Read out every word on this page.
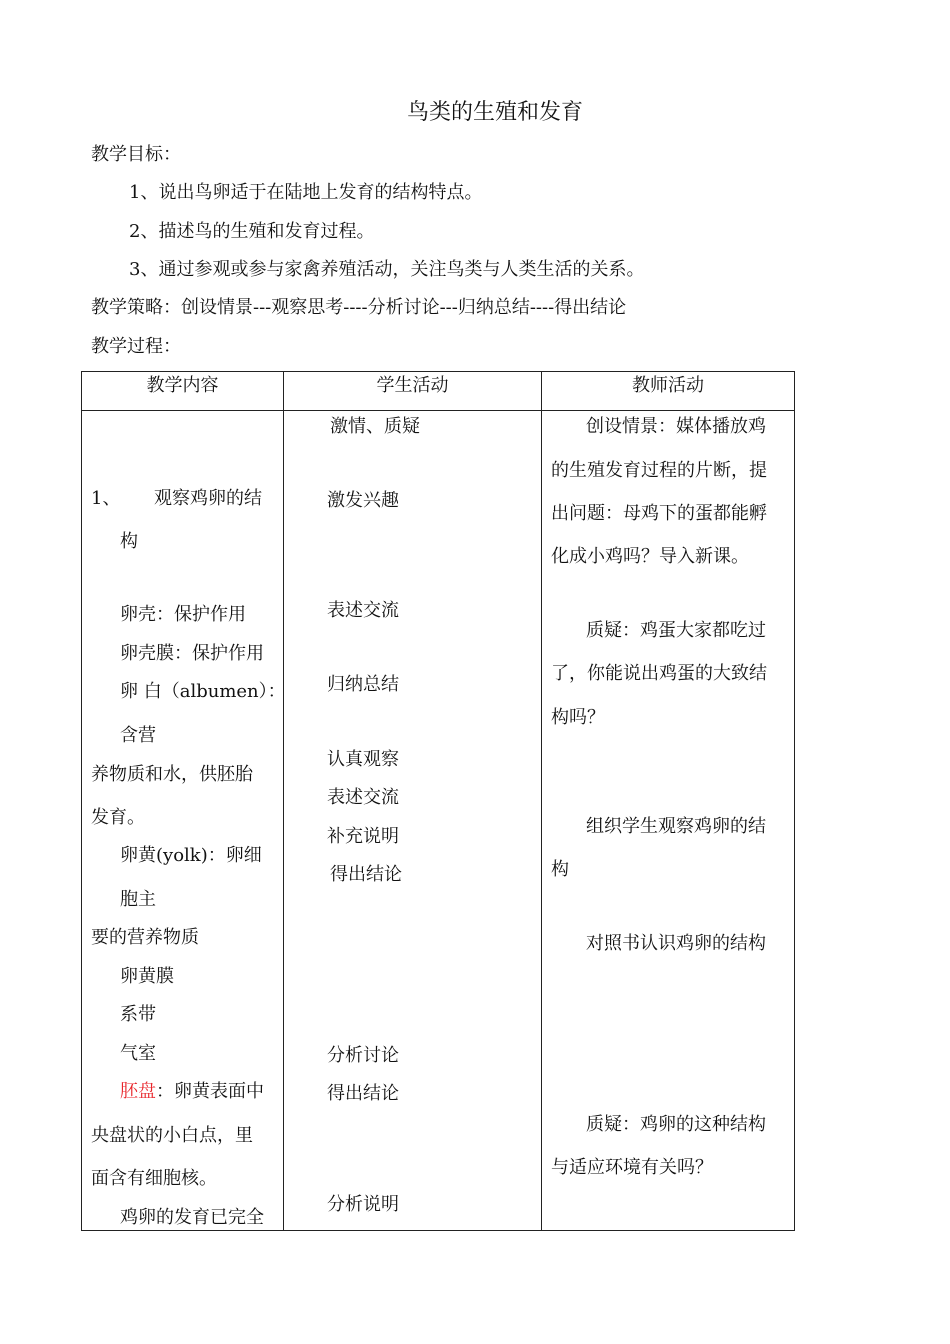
鸟类的生殖和发育
教学目标：
1、说出鸟卵适于在陆地上发育的结构特点。
2、描述鸟的生殖和发育过程。
3、通过参观或参与家禽养殖活动，关注鸟类与人类生活的关系。
教学策略：创设情景---观察思考----分析讨论---归纳总结----得出结论
教学过程：
教学内容	学生活动	教师活动
1、 观察鸡卵的结
构
卵壳：保护作用
卵壳膜：保护作用
卵 白（albumen）：
含营
养物质和水，供胚胎
发育。
卵黄(yolk)：卵细
胞主
要的营养物质
卵黄膜
系带
气室
胚盘：卵黄表面中
央盘状的小白点，里
面含有细胞核。
鸡卵的发育已完全
激情、质疑
激发兴趣
表述交流
归纳总结
认真观察
表述交流
补充说明
得出结论
分析讨论
得出结论
分析说明
创设情景：媒体播放鸡
的生殖发育过程的片断，提
出问题：母鸡下的蛋都能孵
化成小鸡吗？导入新课。
质疑：鸡蛋大家都吃过
了，你能说出鸡蛋的大致结
构吗？
组织学生观察鸡卵的结
构
对照书认识鸡卵的结构
质疑：鸡卵的这种结构
与适应环境有关吗？
